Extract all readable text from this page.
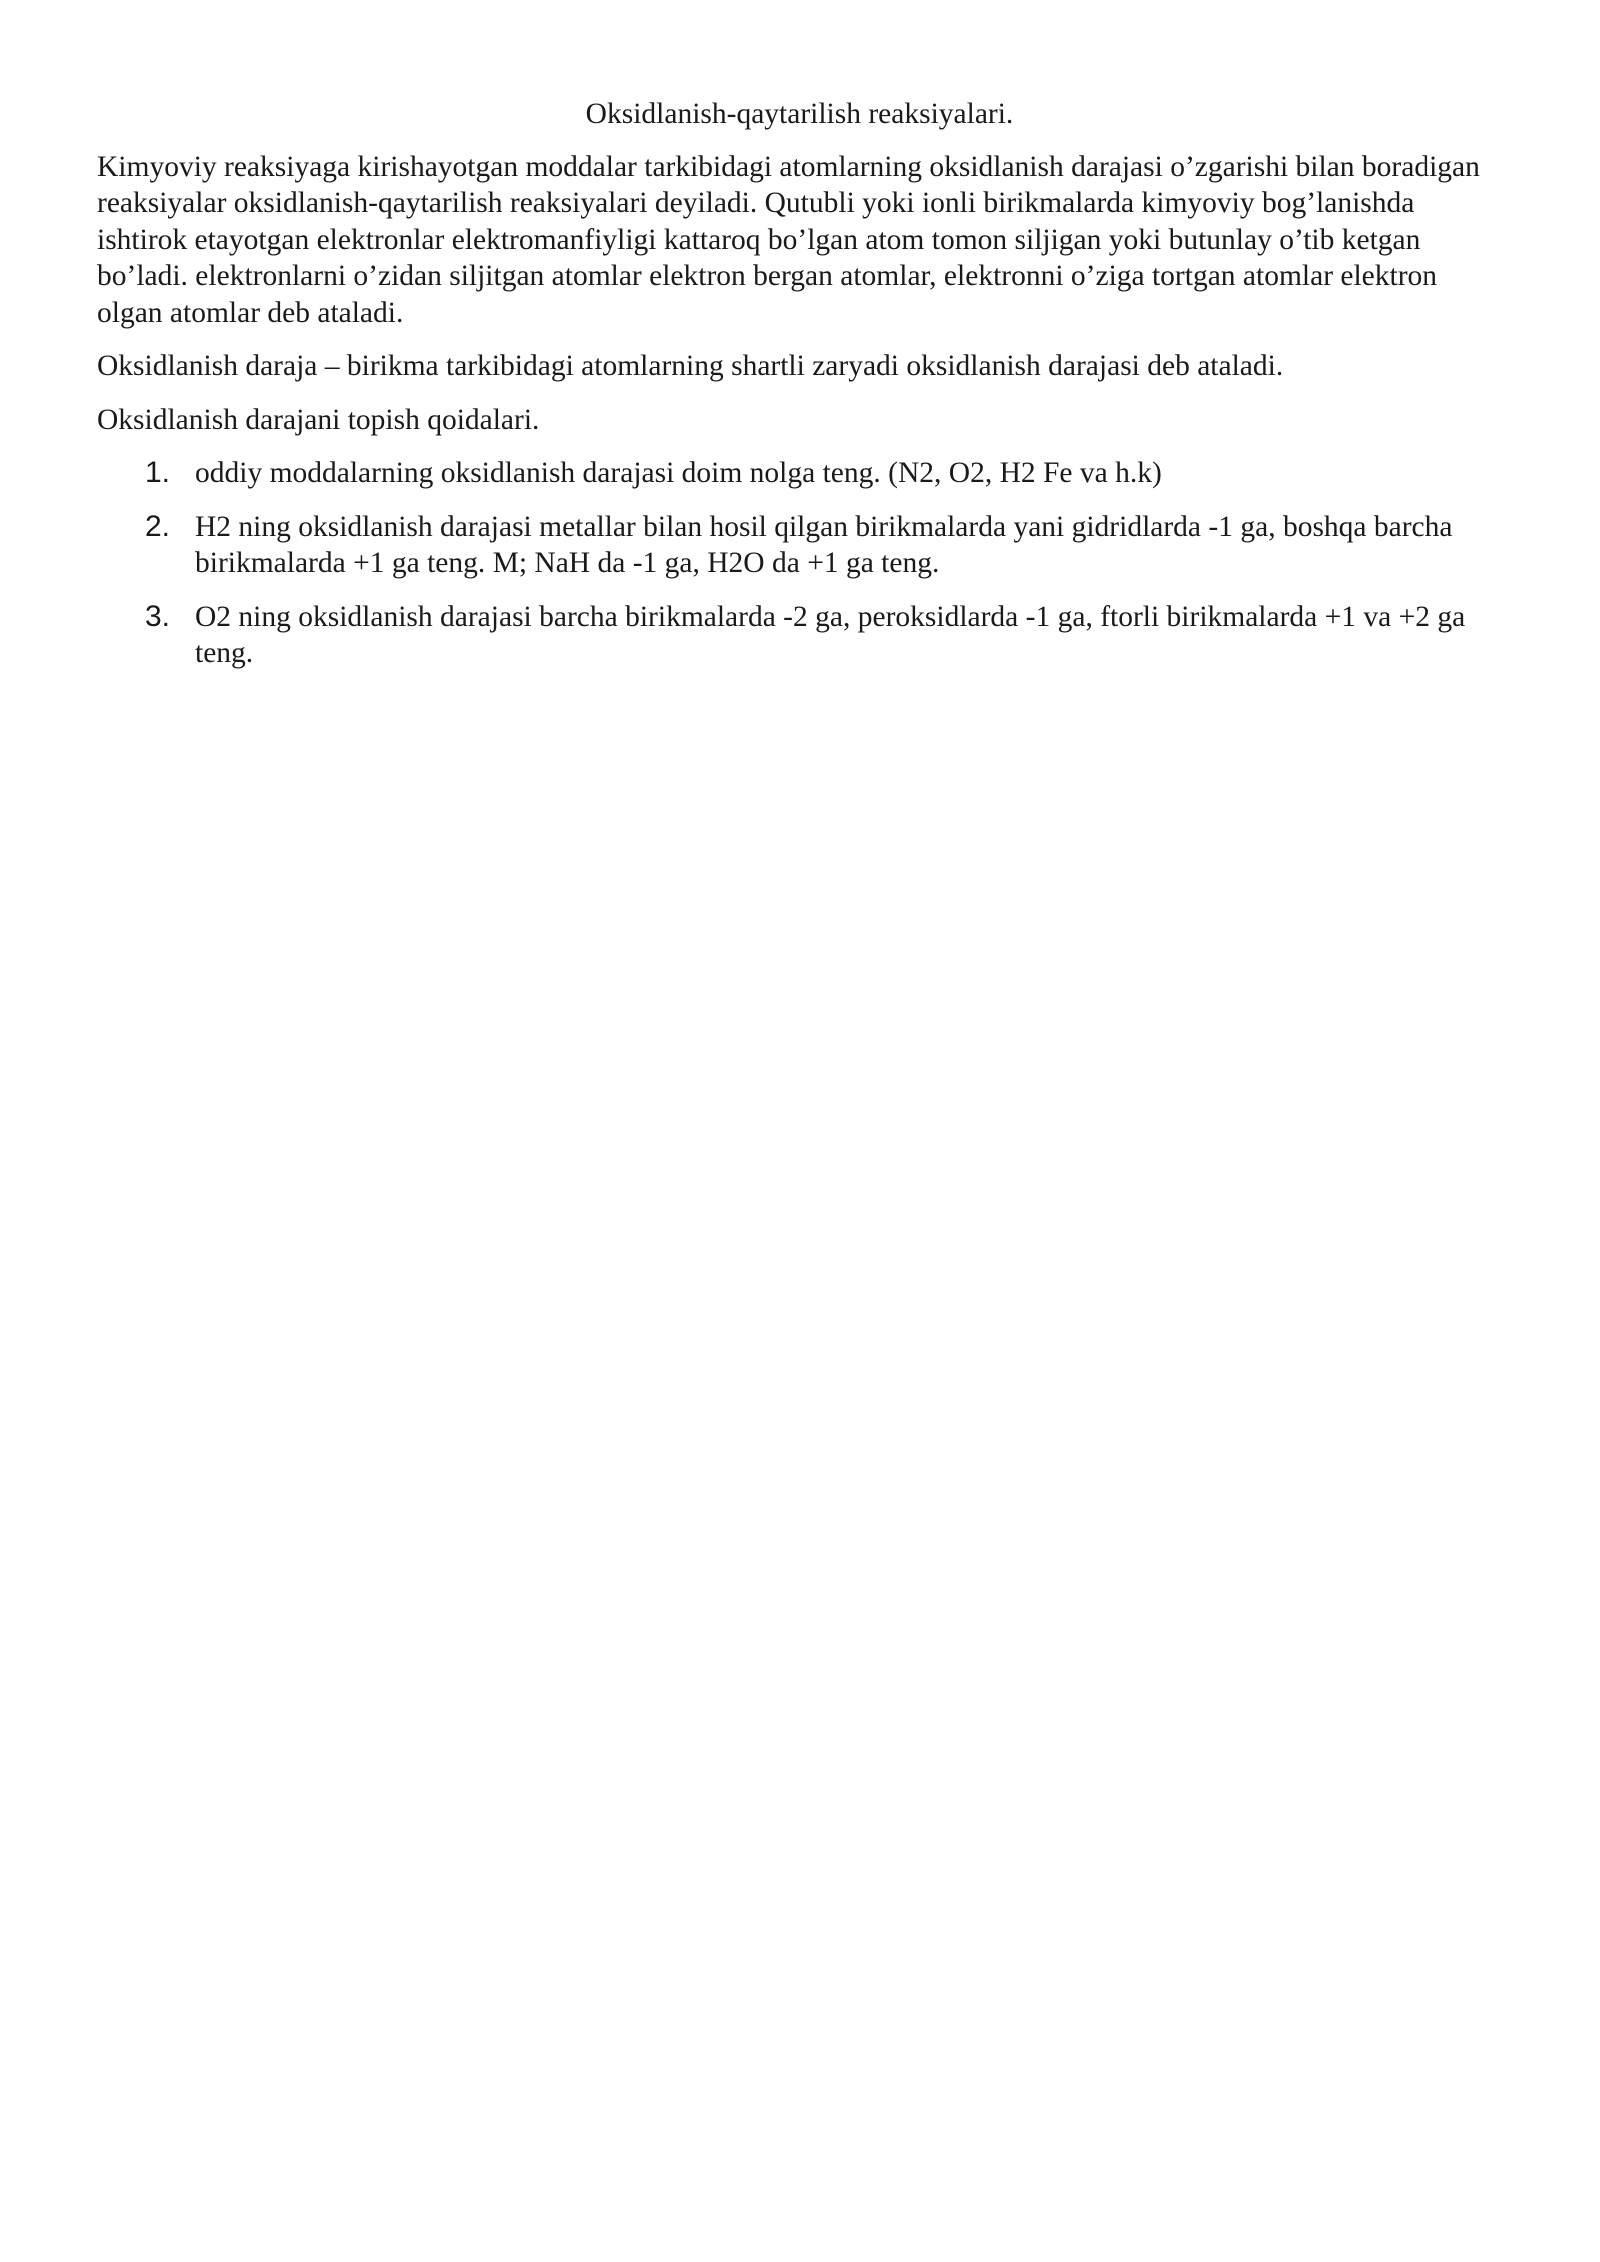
Oksidlanish-qaytarilish reaksiyalari.
Kimyoviy reaksiyaga kirishayotgan moddalar tarkibidagi atomlarning oksidlanish darajasi o’zgarishi bilan boradigan reaksiyalar oksidlanish-qaytarilish reaksiyalari deyiladi. Qutubli yoki ionli birikmalarda kimyoviy bog’lanishda ishtirok etayotgan elektronlar elektromanfiyligi kattaroq bo’lgan atom tomon siljigan yoki butunlay o’tib ketgan bo’ladi. elektronlarni o’zidan siljitgan atomlar elektron bergan atomlar, elektronni o’ziga tortgan atomlar elektron olgan atomlar deb ataladi.
Oksidlanish daraja – birikma tarkibidagi atomlarning shartli zaryadi oksidlanish darajasi deb ataladi.
Oksidlanish darajani topish qoidalari.
1. oddiy moddalarning oksidlanish darajasi doim nolga teng. (N2, O2, H2 Fe va h.k)
2. H2 ning oksidlanish darajasi metallar bilan hosil qilgan birikmalarda yani gidridlarda -1 ga, boshqa barcha birikmalarda +1 ga teng. M; NaH da -1 ga, H2O da +1 ga teng.
3. O2 ning oksidlanish darajasi barcha birikmalarda -2 ga, peroksidlarda -1 ga, ftorli birikmalarda +1 va +2 ga teng.
